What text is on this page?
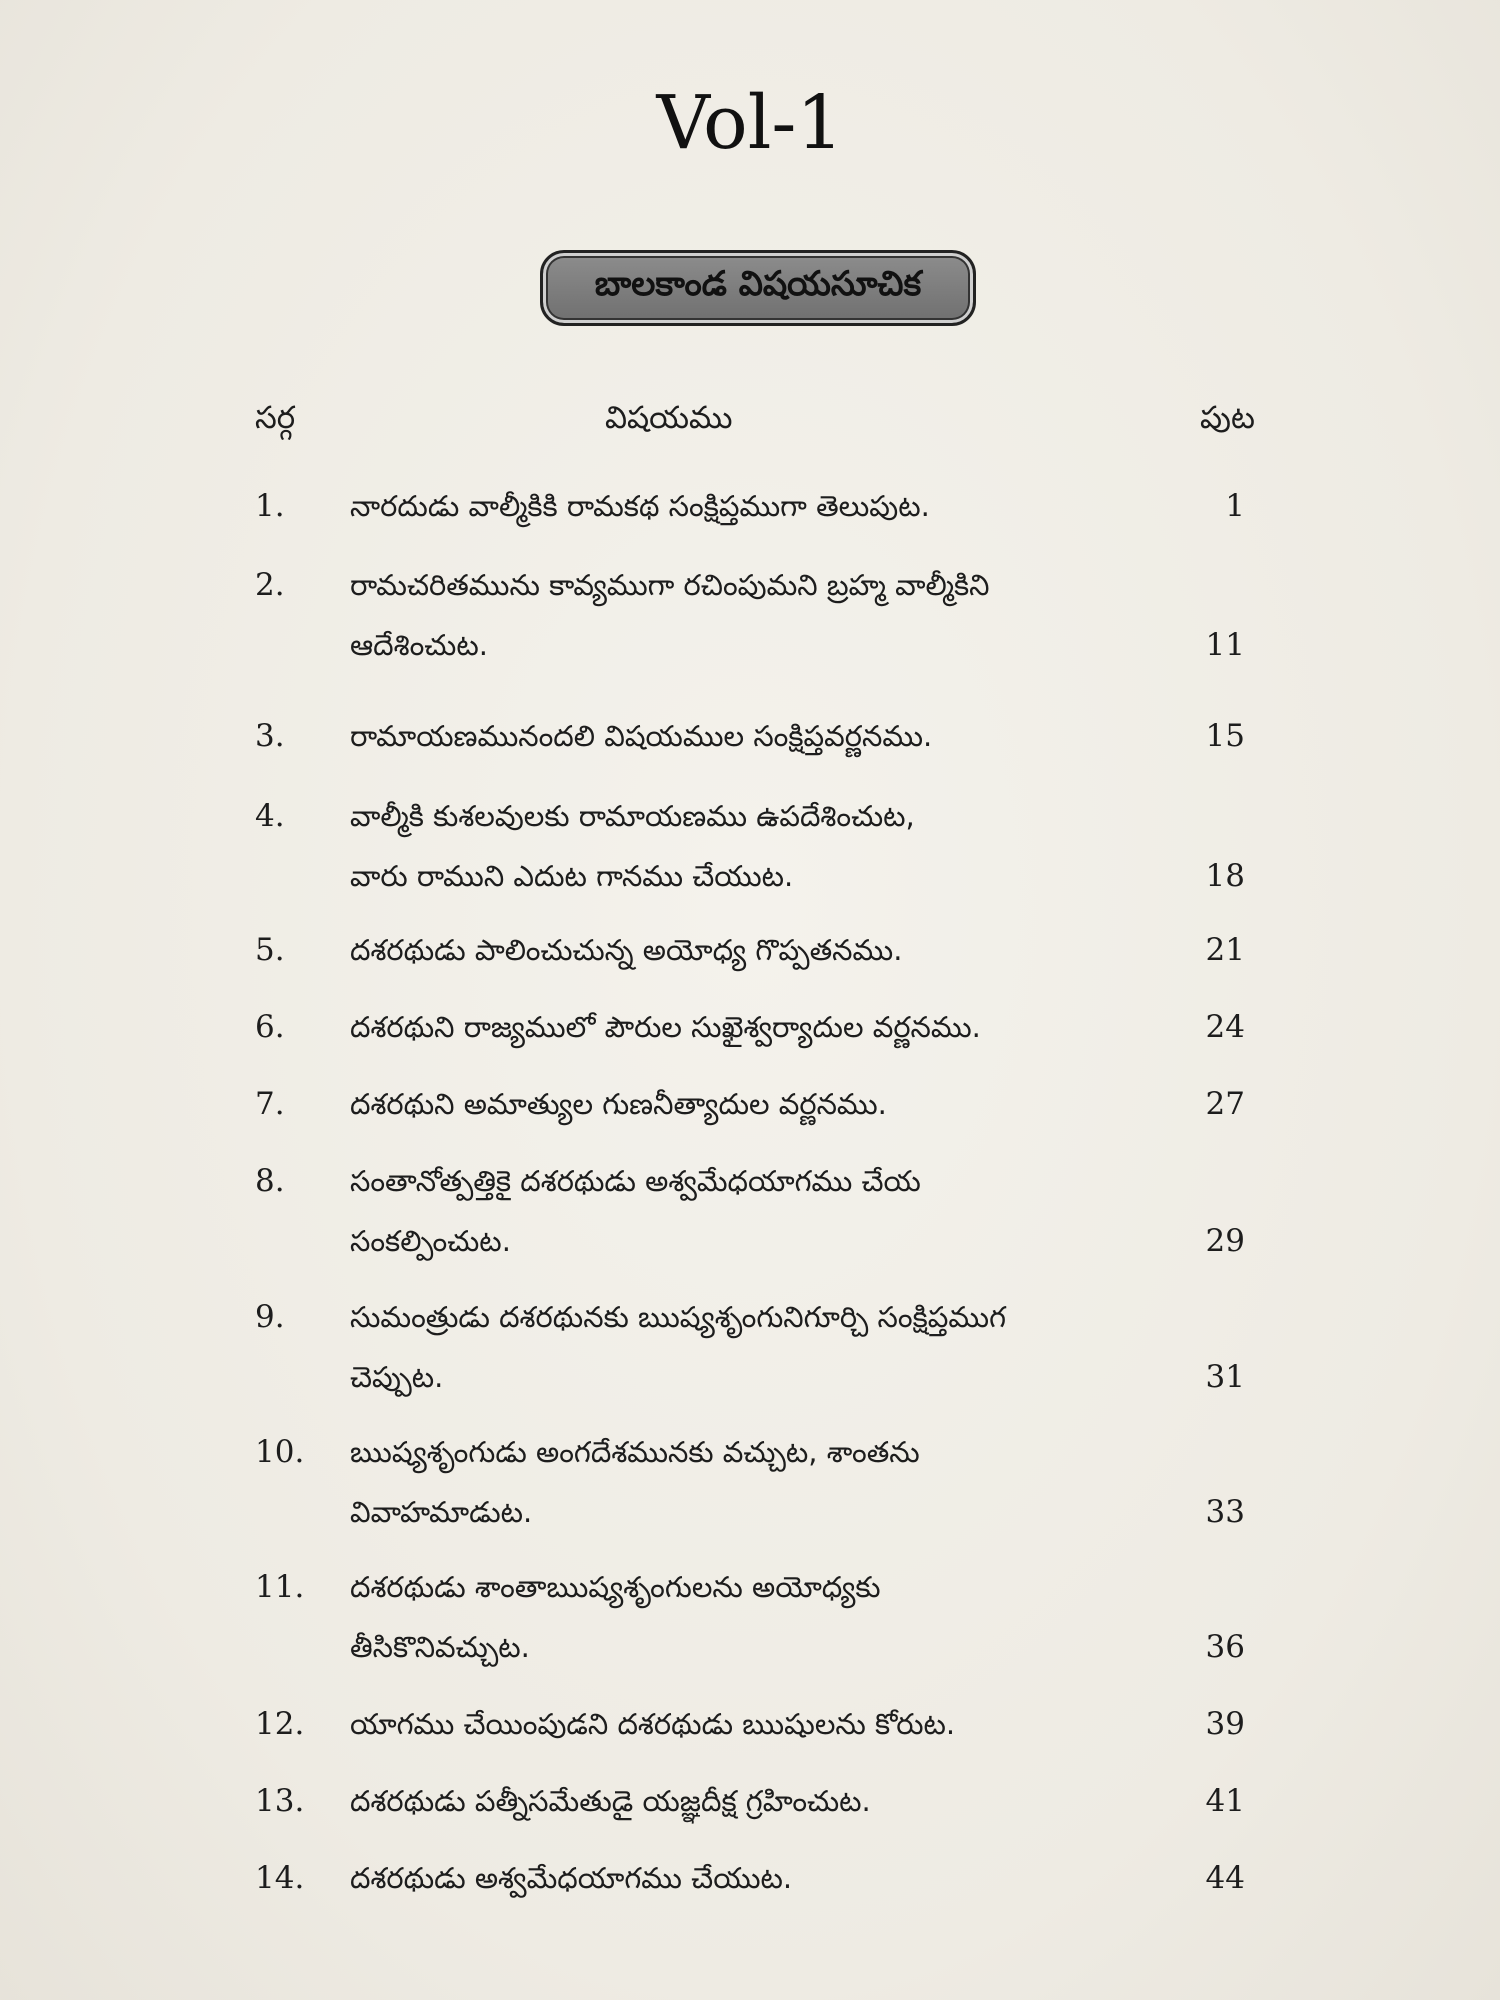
Vol-1
బాలకాండ విషయసూచిక
సర్గ	విషయము	పుట
1. నారదుడు వాల్మీకికి రామకథ సంక్షిప్తముగా తెలుపుట.	1
2. రామచరితమును కావ్యముగా రచింపుమని బ్రహ్మ వాల్మీకిని
ఆదేశించుట.	11
3. రామాయణమునందలి విషయముల సంక్షిప్తవర్ణనము.	15
4. వాల్మీకి కుశలవులకు రామాయణము ఉపదేశించుట,
వారు రాముని ఎదుట గానము చేయుట.	18
5. దశరథుడు పాలించుచున్న అయోధ్య గొప్పతనము.	21
6. దశరథుని రాజ్యములో పౌరుల సుఖైశ్వర్యాదుల వర్ణనము.	24
7. దశరథుని అమాత్యుల గుణనీత్యాదుల వర్ణనము.	27
8. సంతానోత్పత్తికై దశరథుడు అశ్వమేధయాగము చేయ
సంకల్పించుట.	29
9. సుమంత్రుడు దశరథునకు ఋష్యశృంగునిగూర్చి సంక్షిప్తముగ
చెప్పుట.	31
10. ఋష్యశృంగుడు అంగదేశమునకు వచ్చుట, శాంతను
వివాహమాడుట.	33
11. దశరథుడు శాంతాఋష్యశృంగులను అయోధ్యకు
తీసికొనివచ్చుట.	36
12. యాగము చేయింపుడని దశరథుడు ఋషులను కోరుట.	39
13. దశరథుడు పత్నీసమేతుడై యజ్ఞదీక్ష గ్రహించుట.	41
14. దశరథుడు అశ్వమేధయాగము చేయుట.	44
